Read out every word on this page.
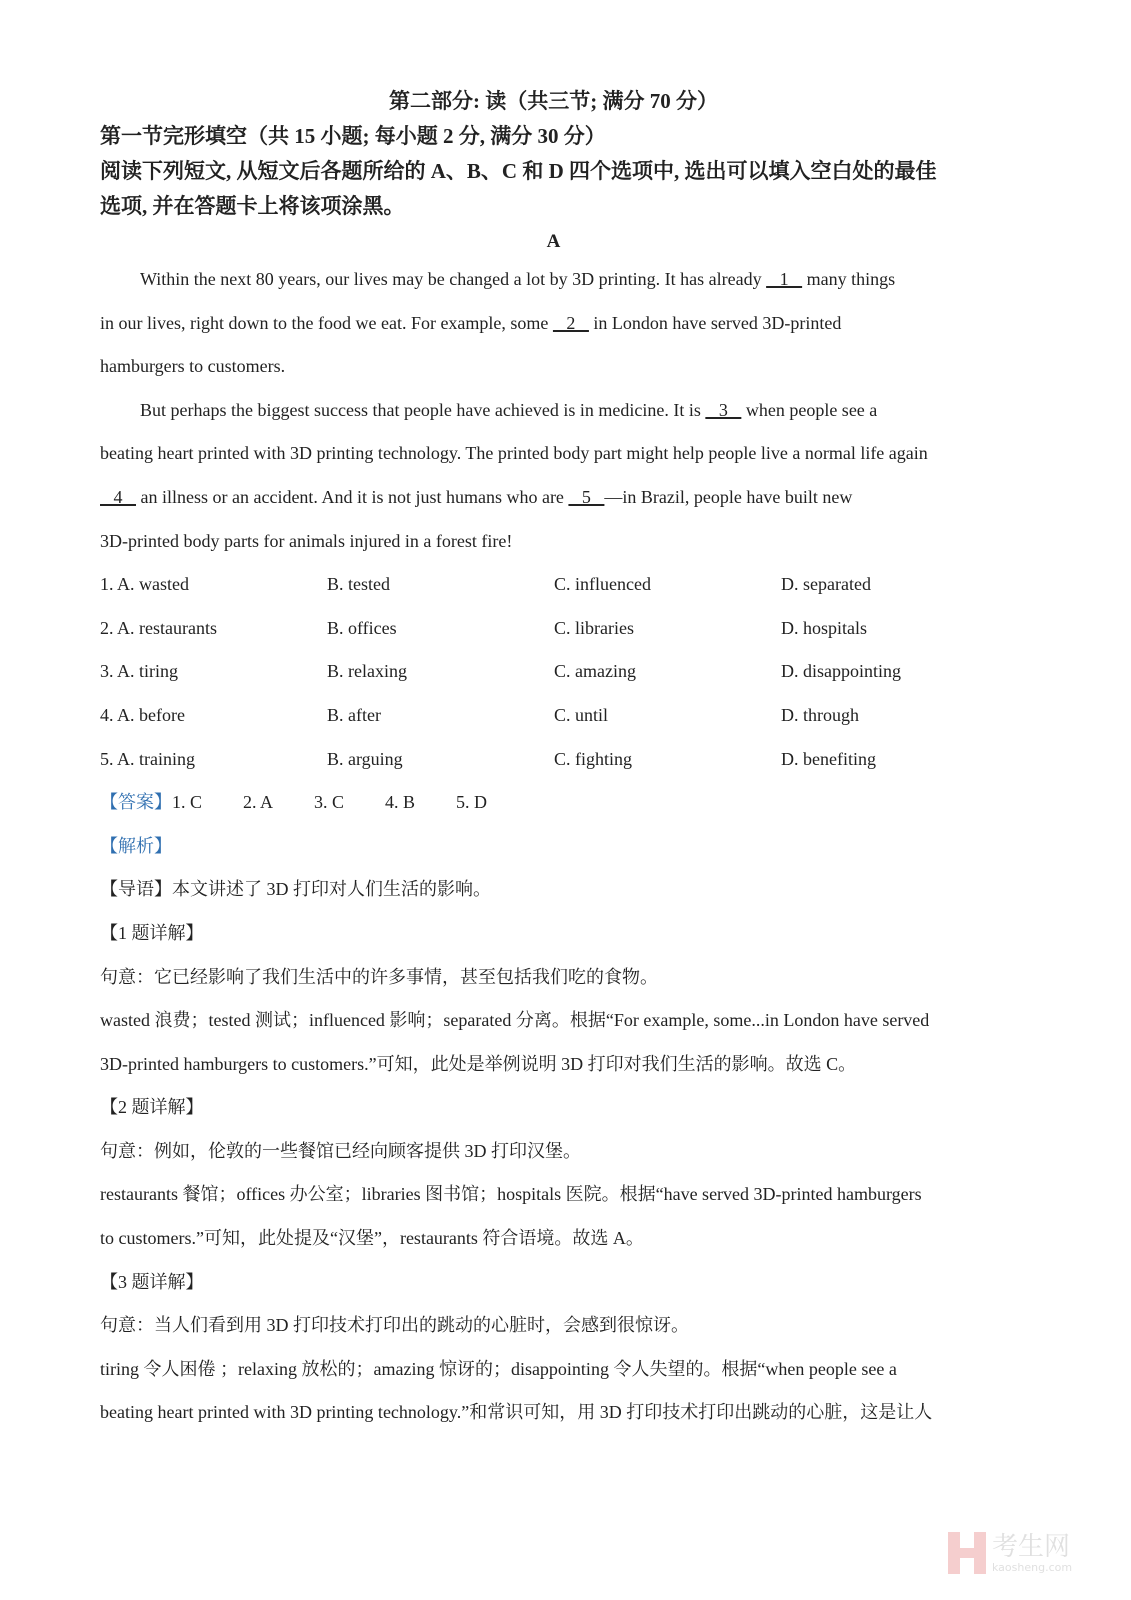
第二部分: 读（共三节; 满分 70 分）
第一节完形填空（共 15 小题; 每小题 2 分, 满分 30 分）
阅读下列短文, 从短文后各题所给的 A、B、C 和 D 四个选项中, 选出可以填入空白处的最佳
选项, 并在答题卡上将该项涂黑。
A
Within the next 80 years, our lives may be changed a lot by 3D printing. It has already    1    many things
in our lives, right down to the food we eat. For example, some    2    in London have served 3D-printed
hamburgers to customers.
But perhaps the biggest success that people have achieved is in medicine. It is    3    when people see a
beating heart printed with 3D printing technology. The printed body part might help people live a normal life again
4    an illness or an accident. And it is not just humans who are    5   —in Brazil, people have built new
3D-printed body parts for animals injured in a forest fire!
1. A. wasted	B. tested	C. influenced	D. separated
2. A. restaurants	B. offices	C. libraries	D. hospitals
3. A. tiring	B. relaxing	C. amazing	D. disappointing
4. A. before	B. after	C. until	D. through
5. A. training	B. arguing	C. fighting	D. benefiting
【答案】1. C 2. A 3. C 4. B 5. D
【解析】
【导语】本文讲述了 3D 打印对人们生活的影响。
【1 题详解】
句意：它已经影响了我们生活中的许多事情，甚至包括我们吃的食物。
wasted 浪费；tested 测试；influenced 影响；separated 分离。根据“For example, some...in London have served
3D-printed hamburgers to customers.”可知，此处是举例说明 3D 打印对我们生活的影响。故选 C。
【2 题详解】
句意：例如，伦敦的一些餐馆已经向顾客提供 3D 打印汉堡。
restaurants 餐馆；offices 办公室；libraries 图书馆；hospitals 医院。根据“have served 3D-printed hamburgers
to customers.”可知，此处提及“汉堡”，restaurants 符合语境。故选 A。
【3 题详解】
句意：当人们看到用 3D 打印技术打印出的跳动的心脏时，会感到很惊讶。
tiring 令人困倦 ；relaxing 放松的；amazing 惊讶的；disappointing 令人失望的。根据“when people see a
beating heart printed with 3D printing technology.”和常识可知，用 3D 打印技术打印出跳动的心脏，这是让人
考生网
kaosheng.com
